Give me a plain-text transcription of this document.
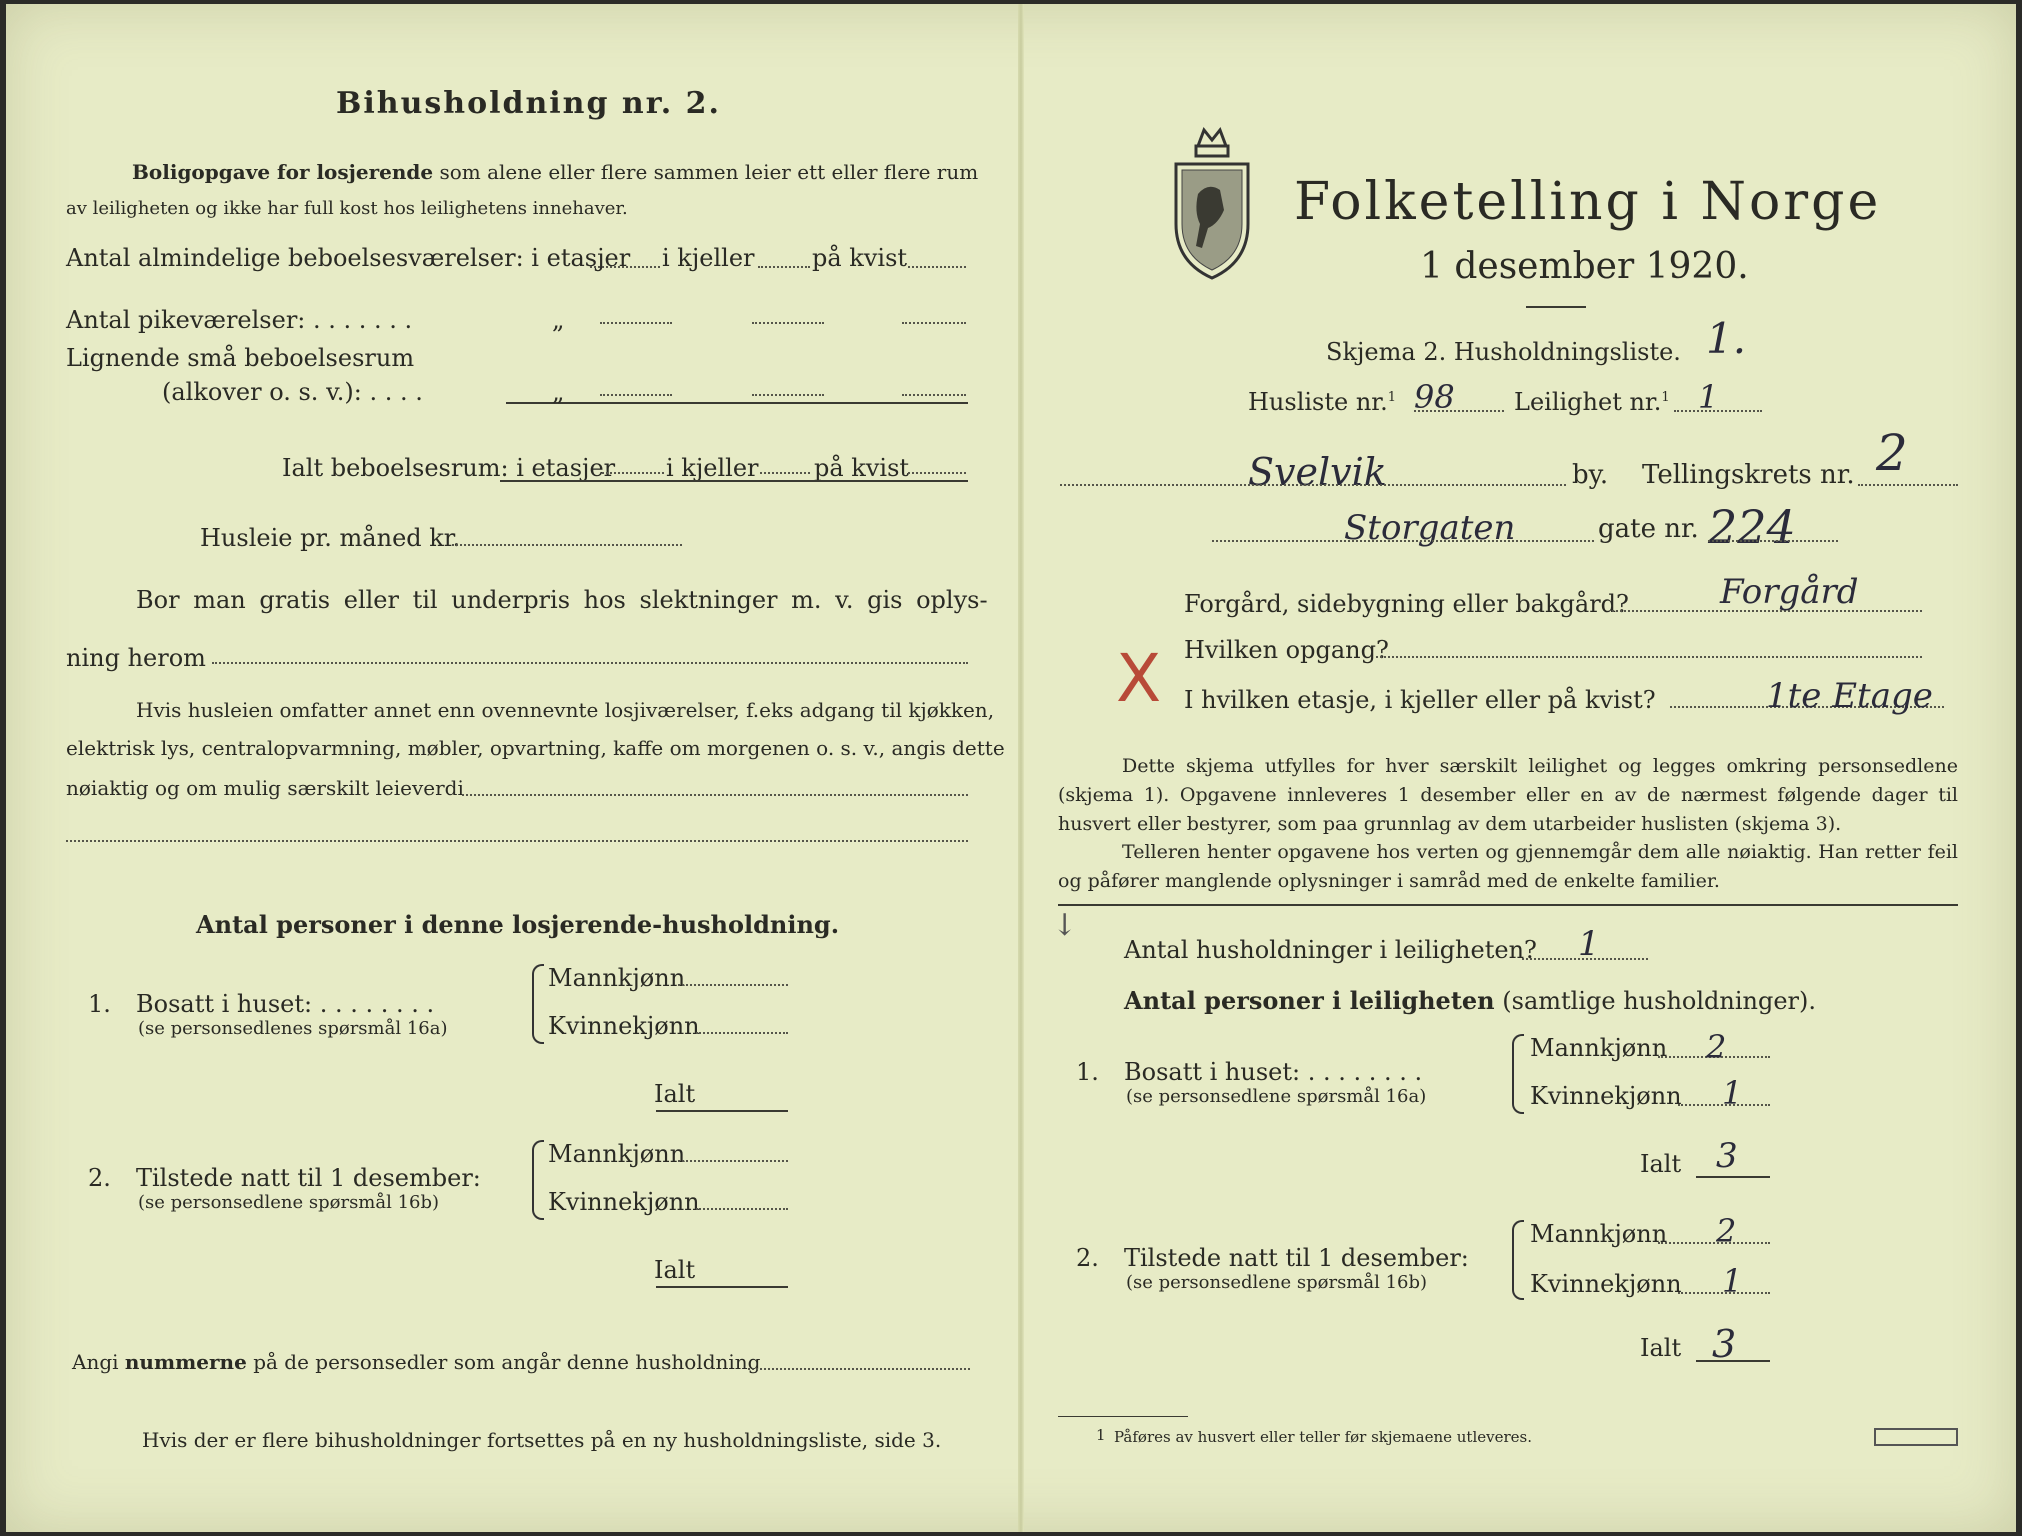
Bihusholdning nr. 2.
Boligopgave for losjerende som alene eller flere sammen leier ett eller flere rum
av leiligheten og ikke har full kost hos leilighetens innehaver.
Antal almindelige beboelsesværelser: i etasjer i kjeller på kvist
Antal pikeværelser: . . . . . . .	„
Lignende små beboelsesrum
(alkover o. s. v.): . . . .	„
Ialt beboelsesrum: i etasjer i kjeller på kvist
Husleie pr. måned kr.
Bor man gratis eller til underpris hos slektninger m. v. gis oplys-
ning herom
Hvis husleien omfatter annet enn ovennevnte losjiværelser, f.eks adgang til kjøkken,
elektrisk lys, centralopvarmning, møbler, opvartning, kaffe om morgenen o. s. v., angis dette
nøiaktig og om mulig særskilt leieverdi
Antal personer i denne losjerende-husholdning.
1. Bosatt i huset: . . . . . . . .
(se personsedlenes spørsmål 16a)
Mannkjønn
Kvinnekjønn
Ialt
2. Tilstede natt til 1 desember:
(se personsedlene spørsmål 16b)
Mannkjønn
Kvinnekjønn
Ialt
Angi nummerne på de personsedler som angår denne husholdning
Hvis der er flere bihusholdninger fortsettes på en ny husholdningsliste, side 3.
Folketelling i Norge
1 desember 1920.
Skjema 2. Husholdningsliste. 1.
Husliste nr.$^1$ 98 Leilighet nr.$^1$ 1
Svelvik	by. Tellingskrets nr. 2
Storgaten	gate nr. 224
Forgård, sidebygning eller bakgård?	Forgård
Hvilken opgang?
X I hvilken etasje, i kjeller eller på kvist?	1te Etage
Dette skjema utfylles for hver særskilt leilighet og legges omkring personsedlene (skjema 1). Opgavene innleveres 1 desember eller en av de nærmest følgende dager til husvert eller bestyrer, som paa grunnlag av dem utarbeider huslisten (skjema 3).
Telleren henter opgavene hos verten og gjennemgår dem alle nøiaktig. Han retter feil og påfører manglende oplysninger i samråd med de enkelte familier.
↓
Antal husholdninger i leiligheten? 1
Antal personer i leiligheten (samtlige husholdninger).
1. Bosatt i huset: . . . . . . . .
(se personsedlene spørsmål 16a)
Mannkjønn 2
Kvinnekjønn 1
Ialt 3
2. Tilstede natt til 1 desember:
(se personsedlene spørsmål 16b)
Mannkjønn 2
Kvinnekjønn 1
Ialt 3
1 Påføres av husvert eller teller før skjemaene utleveres.
